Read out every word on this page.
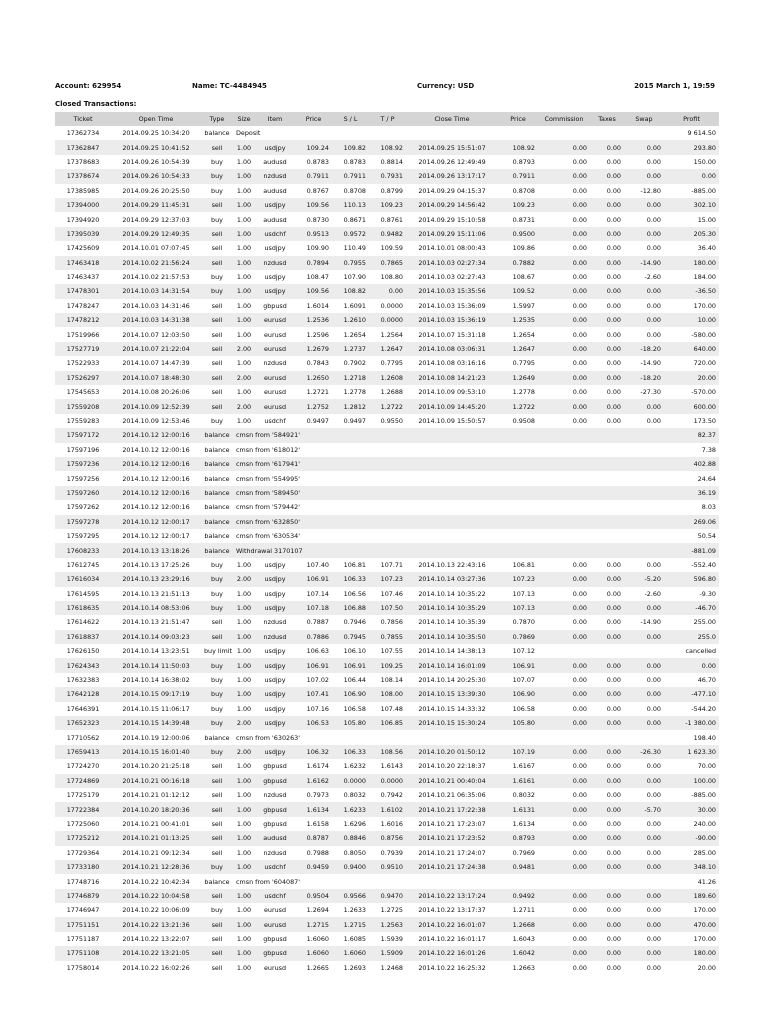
Account: 629954	Name: TC-4484945	Currency: USD	2015 March 1, 19:59
Closed Transactions:
Ticket	Open Time	Type	Size	Item	Price	S / L	T / P	Close Time	Price	Commission	Taxes	Swap	Profit
17362734	2014.09.25 10:34:20	balance	Deposit										9 614.50
17362847	2014.09.25 10:41:52	sell	1.00	usdjpy	109.24	109.82	108.92	2014.09.25 15:51:07	108.92	0.00	0.00	0.00	293.80
17378683	2014.09.26 10:54:39	buy	1.00	audusd	0.8783	0.8783	0.8814	2014.09.26 12:49:49	0.8793	0.00	0.00	0.00	150.00
17378674	2014.09.26 10:54:33	buy	1.00	nzdusd	0.7911	0.7911	0.7931	2014.09.26 13:17:17	0.7911	0.00	0.00	0.00	0.00
17385985	2014.09.26 20:25:50	buy	1.00	audusd	0.8767	0.8708	0.8799	2014.09.29 04:15:37	0.8708	0.00	0.00	-12.80	-885.00
17394000	2014.09.29 11:45:31	sell	1.00	usdjpy	109.56	110.13	109.23	2014.09.29 14:56:42	109.23	0.00	0.00	0.00	302.10
17394920	2014.09.29 12:37:03	buy	1.00	audusd	0.8730	0.8671	0.8761	2014.09.29 15:10:58	0.8731	0.00	0.00	0.00	15.00
17395039	2014.09.29 12:49:35	sell	1.00	usdchf	0.9513	0.9572	0.9482	2014.09.29 15:11:06	0.9500	0.00	0.00	0.00	205.30
17425609	2014.10.01 07:07:45	sell	1.00	usdjpy	109.90	110.49	109.59	2014.10.01 08:00:43	109.86	0.00	0.00	0.00	36.40
17463418	2014.10.02 21:56:24	sell	1.00	nzdusd	0.7894	0.7955	0.7865	2014.10.03 02:27:34	0.7882	0.00	0.00	-14.90	180.00
17463437	2014.10.02 21:57:53	buy	1.00	usdjpy	108.47	107.90	108.80	2014.10.03 02:27:43	108.67	0.00	0.00	-2.60	184.00
17478301	2014.10.03 14:31:54	buy	1.00	usdjpy	109.56	108.82	0.00	2014.10.03 15:35:56	109.52	0.00	0.00	0.00	-36.50
17478247	2014.10.03 14:31:46	sell	1.00	gbpusd	1.6014	1.6091	0.0000	2014.10.03 15:36:09	1.5997	0.00	0.00	0.00	170.00
17478212	2014.10.03 14:31:38	sell	1.00	eurusd	1.2536	1.2610	0.0000	2014.10.03 15:36:19	1.2535	0.00	0.00	0.00	10.00
17519966	2014.10.07 12:03:50	sell	1.00	eurusd	1.2596	1.2654	1.2564	2014.10.07 15:31:18	1.2654	0.00	0.00	0.00	-580.00
17527719	2014.10.07 21:22:04	sell	2.00	eurusd	1.2679	1.2737	1.2647	2014.10.08 03:06:31	1.2647	0.00	0.00	-18.20	640.00
17522933	2014.10.07 14:47:39	sell	1.00	nzdusd	0.7843	0.7902	0.7795	2014.10.08 03:16:16	0.7795	0.00	0.00	-14.90	720.00
17526297	2014.10.07 18:48:30	sell	2.00	eurusd	1.2650	1.2718	1.2608	2014.10.08 14:21:23	1.2649	0.00	0.00	-18.20	20.00
17545653	2014.10.08 20:26:06	sell	1.00	eurusd	1.2721	1.2778	1.2688	2014.10.09 09:53:10	1.2778	0.00	0.00	-27.30	-570.00
17559208	2014.10.09 12:52:39	sell	2.00	eurusd	1.2752	1.2812	1.2722	2014.10.09 14:45:20	1.2722	0.00	0.00	0.00	600.00
17559283	2014.10.09 12:53:46	buy	1.00	usdchf	0.9497	0.9497	0.9550	2014.10.09 15:50:57	0.9508	0.00	0.00	0.00	173.50
17597172	2014.10.12 12:00:16	balance	cmsn from '584921'										82.37
17597196	2014.10.12 12:00:16	balance	cmsn from '618012'										7.38
17597236	2014.10.12 12:00:16	balance	cmsn from '617941'										402.88
17597256	2014.10.12 12:00:16	balance	cmsn from '554995'										24.64
17597260	2014.10.12 12:00:16	balance	cmsn from '589450'										36.19
17597262	2014.10.12 12:00:16	balance	cmsn from '579442'										8.03
17597278	2014.10.12 12:00:17	balance	cmsn from '632850'										269.06
17597295	2014.10.12 12:00:17	balance	cmsn from '630534'										50.54
17608233	2014.10.13 13:18:26	balance	Withdrawal 3170107										-881.09
17612745	2014.10.13 17:25:26	buy	1.00	usdjpy	107.40	106.81	107.71	2014.10.13 22:43:16	106.81	0.00	0.00	0.00	-552.40
17616034	2014.10.13 23:29:16	buy	2.00	usdjpy	106.91	106.33	107.23	2014.10.14 03:27:36	107.23	0.00	0.00	-5.20	596.80
17614595	2014.10.13 21:51:13	buy	1.00	usdjpy	107.14	106.56	107.46	2014.10.14 10:35:22	107.13	0.00	0.00	-2.60	-9.30
17618635	2014.10.14 08:53:06	buy	1.00	usdjpy	107.18	106.88	107.50	2014.10.14 10:35:29	107.13	0.00	0.00	0.00	-46.70
17614622	2014.10.13 21:51:47	sell	1.00	nzdusd	0.7887	0.7946	0.7856	2014.10.14 10:35:39	0.7870	0.00	0.00	-14.90	255.00
17618837	2014.10.14 09:03:23	sell	1.00	nzdusd	0.7886	0.7945	0.7855	2014.10.14 10:35:50	0.7869	0.00	0.00	0.00	255.0
17626150	2014.10.14 13:23:51	buy limit	1.00	usdjpy	106.63	106.10	107.55	2014.10.14 14:38:13	107.12				cancelled
17624343	2014.10.14 11:50:03	buy	1.00	usdjpy	106.91	106.91	109.25	2014.10.14 16:01:09	106.91	0.00	0.00	0.00	0.00
17632383	2014.10.14 16:38:02	buy	1.00	usdjpy	107.02	106.44	108.14	2014.10.14 20:25:30	107.07	0.00	0.00	0.00	46.70
17642128	2014.10.15 09:17:19	buy	1.00	usdjpy	107.41	106.90	108.00	2014.10.15 13:39:30	106.90	0.00	0.00	0.00	-477.10
17646391	2014.10.15 11:06:17	buy	1.00	usdjpy	107.16	106.58	107.48	2014.10.15 14:33:32	106.58	0.00	0.00	0.00	-544.20
17652323	2014.10.15 14:39:48	buy	2.00	usdjpy	106.53	105.80	106.85	2014.10.15 15:30:24	105.80	0.00	0.00	0.00	-1 380.00
17710562	2014.10.19 12:00:06	balance	cmsn from '630263'										198.40
17659413	2014.10.15 16:01:40	buy	2.00	usdjpy	106.32	106.33	108.56	2014.10.20 01:50:12	107.19	0.00	0.00	-26.30	1 623.30
17724270	2014.10.20 21:25:18	sell	1.00	gbpusd	1.6174	1.6232	1.6143	2014.10.20 22:18:37	1.6167	0.00	0.00	0.00	70.00
17724869	2014.10.21 00:16:18	sell	1.00	gbpusd	1.6162	0.0000	0.0000	2014.10.21 00:40:04	1.6161	0.00	0.00	0.00	100.00
17725179	2014.10.21 01:12:12	sell	1.00	nzdusd	0.7973	0.8032	0.7942	2014.10.21 06:35:06	0.8032	0.00	0.00	0.00	-885.00
17722384	2014.10.20 18:20:36	sell	1.00	gbpusd	1.6134	1.6233	1.6102	2014.10.21 17:22:38	1.6131	0.00	0.00	-5.70	30.00
17725060	2014.10.21 00:41:01	sell	1.00	gbpusd	1.6158	1.6296	1.6016	2014.10.21 17:23:07	1.6134	0.00	0.00	0.00	240.00
17725212	2014.10.21 01:13:25	sell	1.00	audusd	0.8787	0.8846	0.8756	2014.10.21 17:23:52	0.8793	0.00	0.00	0.00	-90.00
17729364	2014.10.21 09:12:34	sell	1.00	nzdusd	0.7988	0.8050	0.7939	2014.10.21 17:24:07	0.7969	0.00	0.00	0.00	285.00
17733180	2014.10.21 12:28:36	buy	1.00	usdchf	0.9459	0.9400	0.9510	2014.10.21 17:24:38	0.9481	0.00	0.00	0.00	348.10
17748716	2014.10.22 10:42:34	balance	cmsn from '604087'										41.26
17746879	2014.10.22 10:04:58	sell	1.00	usdchf	0.9504	0.9566	0.9470	2014.10.22 13:17:24	0.9492	0.00	0.00	0.00	189.60
17746947	2014.10.22 10:06:09	buy	1.00	eurusd	1.2694	1.2633	1.2725	2014.10.22 13:17:37	1.2711	0.00	0.00	0.00	170.00
17751151	2014.10.22 13:21:36	sell	1.00	eurusd	1.2715	1.2715	1.2563	2014.10.22 16:01:07	1.2668	0.00	0.00	0.00	470.00
17751187	2014.10.22 13:22:07	sell	1.00	gbpusd	1.6060	1.6085	1.5939	2014.10.22 16:01:17	1.6043	0.00	0.00	0.00	170.00
17751108	2014.10.22 13:21:05	sell	1.00	gbpusd	1.6060	1.6060	1.5909	2014.10.22 16:01:26	1.6042	0.00	0.00	0.00	180.00
17758014	2014.10.22 16:02:26	sell	1.00	eurusd	1.2665	1.2693	1.2468	2014.10.22 16:25:32	1.2663	0.00	0.00	0.00	20.00
